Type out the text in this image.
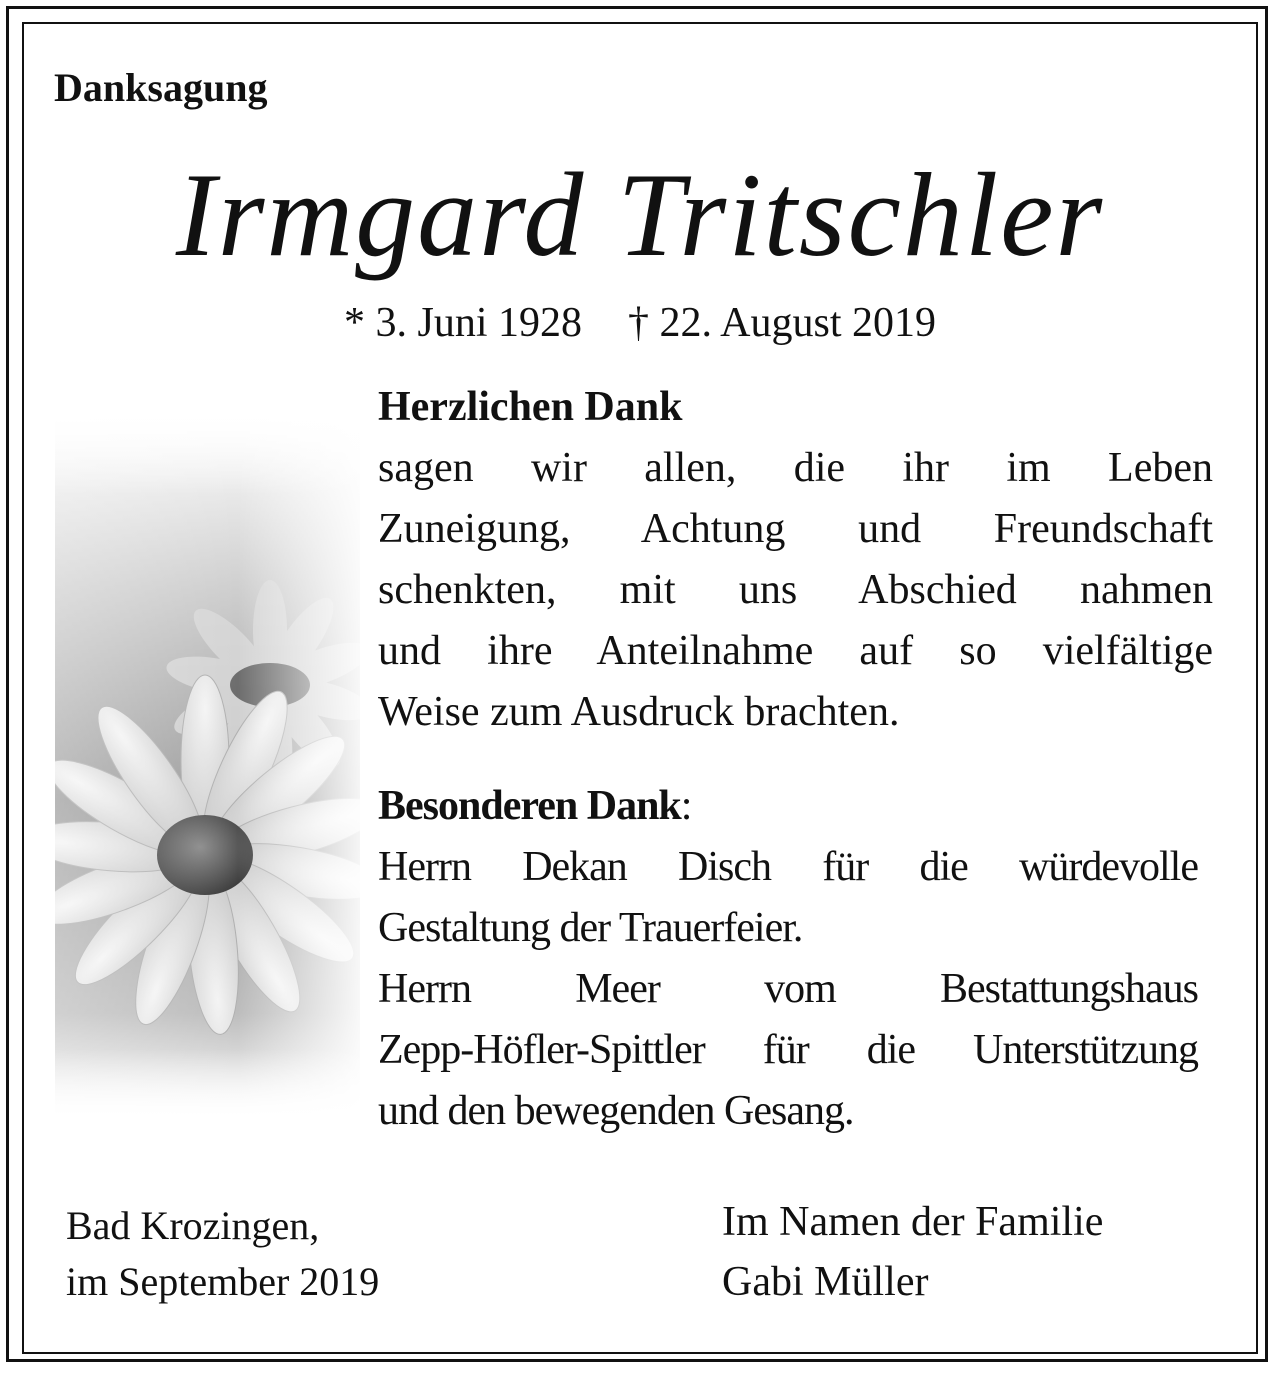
Danksagung
Irmgard Tritschler
* 3. Juni 1928 † 22. August 2019
Herzlichen Dank
sagen wir allen, die ihr im Leben
Zuneigung, Achtung und Freundschaft
schenkten, mit uns Abschied nahmen
und ihre Anteilnahme auf so vielfältige
Weise zum Ausdruck brachten.
Besonderen Dank:
Herrn Dekan Disch für die würdevolle
Gestaltung der Trauerfeier.
Herrn Meer vom Bestattungshaus
Zepp-Höfler-Spittler für die Unterstützung
und den bewegenden Gesang.
Bad Krozingen,
im September 2019
Im Namen der Familie
Gabi Müller
